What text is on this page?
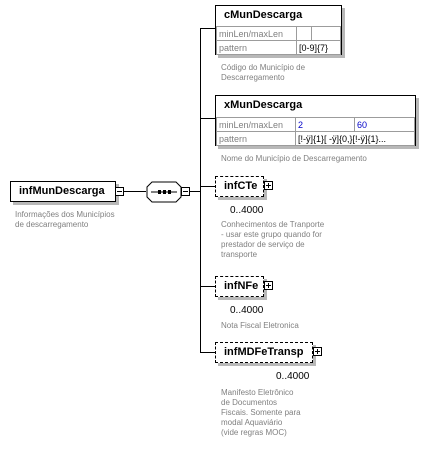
infMunDescarga
Informações dos Municípios de descarregamento
cMunDescarga
minLen/maxLen		
pattern	[0-9]{7}	
Código do Município de Descarregamento
xMunDescarga
minLen/maxLen	2	60
pattern	[!-ÿ]{1}[ -ÿ]{0,}[!-ÿ]{1}...	
Nome do Município de Descarregamento
infCTe
0..4000
Conhecimentos de Tranporte - usar este grupo quando for prestador de serviço de transporte
infNFe
0..4000
Nota Fiscal Eletronica
infMDFeTransp
0..4000
Manifesto Eletrônico de Documentos Fiscais. Somente para modal Aquaviário (vide regras MOC)
